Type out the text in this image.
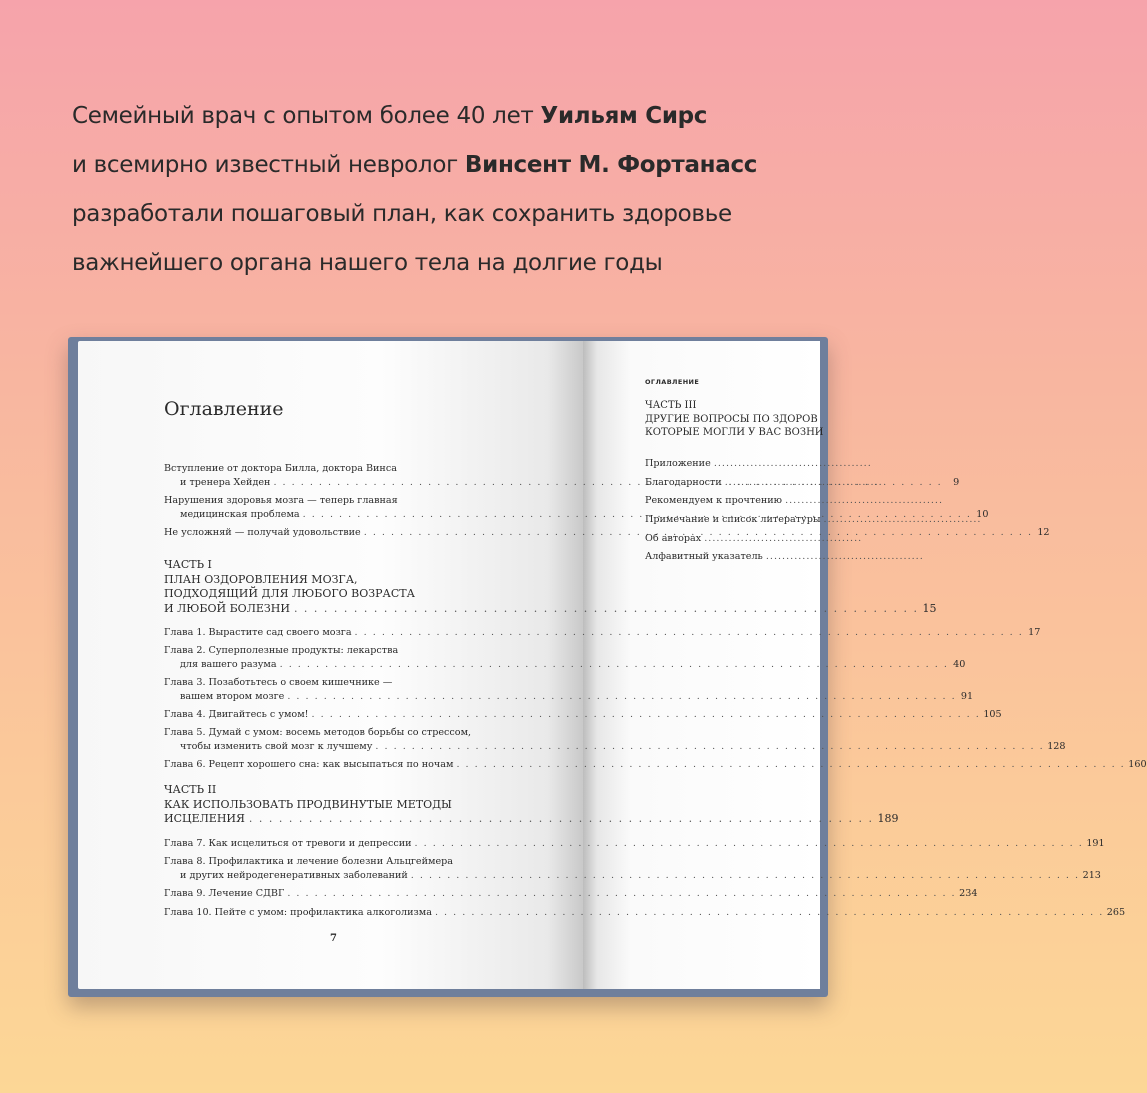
Семейный врач с опытом более 40 лет Уильям Сирс
и всемирно известный невролог Винсент М. Фортанасс
разработали пошаговый план, как сохранить здоровье
важнейшего органа нашего тела на долгие годы
Оглавление
Вступление от доктора Билла, доктора Винса
и тренера Хейден . . .	9
Нарушения здоровья мозга — теперь главная
медицинская проблема . . .	10
Не усложняй — получай удовольствие . . .	12
ЧАСТЬ I
ПЛАН ОЗДОРОВЛЕНИЯ МОЗГА,
ПОДХОДЯЩИЙ ДЛЯ ЛЮБОГО ВОЗРАСТА
И ЛЮБОЙ БОЛЕЗНИ . . .	15
Глава 1. Вырастите сад своего мозга . . .	17
Глава 2. Суперполезные продукты: лекарства
для вашего разума . . .	40
Глава 3. Позаботьтесь о своем кишечнике —
вашем втором мозге . . .	91
Глава 4. Двигайтесь с умом! . . .	105
Глава 5. Думай с умом: восемь методов борьбы со стрессом,
чтобы изменить свой мозг к лучшему . . .	128
Глава 6. Рецепт хорошего сна: как высыпаться по ночам . . .	160
ЧАСТЬ II
КАК ИСПОЛЬЗОВАТЬ ПРОДВИНУТЫЕ МЕТОДЫ
ИСЦЕЛЕНИЯ . . .	189
Глава 7. Как исцелиться от тревоги и депрессии . . .	191
Глава 8. Профилактика и лечение болезни Альцгеймера
и других нейродегенеративных заболеваний . . .	213
Глава 9. Лечение СДВГ . . .	234
Глава 10. Пейте с умом: профилактика алкоголизма . . .	265
7
ОГЛАВЛЕНИЕ
ЧАСТЬ III
ДРУГИЕ ВОПРОСЫ ПО ЗДОРОВ
КОТОРЫЕ МОГЛИ У ВАС ВОЗНИ
Приложение .......................................
Благодарности .......................................
Рекомендуем к прочтению .......................................
Примечание и список литературы .......................................
Об авторах .......................................
Алфавитный указатель .......................................
